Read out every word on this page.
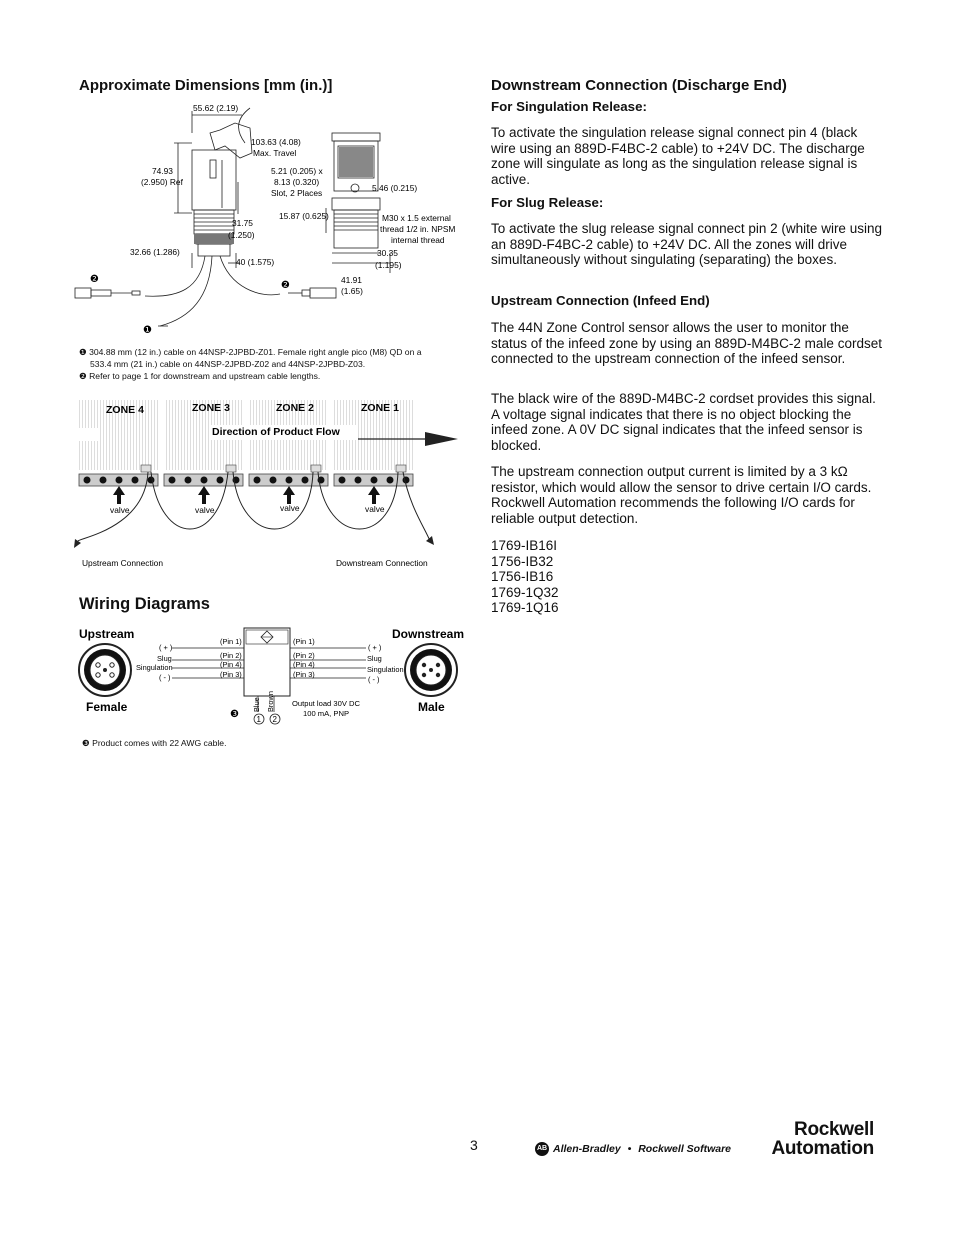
Approximate Dimensions [mm (in.)]
55.62 (2.19)
103.63 (4.08)
Max. Travel
74.93
(2.950) Ref
5.21 (0.205) x
8.13 (0.320)
Slot, 2 Places	5.46 (0.215)
15.87 (0.625)	M30 x 1.5 external
thread 1/2 in. NPSM
internal thread
31.75
(1.250)
32.66 (1.286)
40 (1.575)
30.35
(1.195)
41.91
(1.65)
❷
❷
❶
❶ 304.88 mm (12 in.) cable on 44NSP-2JPBD-Z01. Female right angle pico (M8) QD on a
533.4 mm (21 in.) cable on 44NSP-2JPBD-Z02 and 44NSP-2JPBD-Z03.
❷ Refer to page 1 for downstream and upstream cable lengths.
ZONE 4	ZONE 3	ZONE 2	ZONE 1
Direction of Product Flow
valve	valve	valve	valve
Upstream Connection	Downstream Connection
Wiring Diagrams
Upstream	Downstream
Female	Male
(Pin 1)
(Pin 2)
(Pin 4)
(Pin 3)
(Pin 1)
(Pin 2)
(Pin 4)
(Pin 3)
( + )
Slug
Singulation
( - )
( + )
Slug
Singulation
( - )
Blue Brown
1 2
❸
Output load 30V DC
100 mA, PNP
❸ Product comes with 22 AWG cable.
Downstream Connection (Discharge End)
For Singulation Release:
To activate the singulation release signal connect pin 4 (black wire using an 889D-F4BC-2 cable) to +24V DC. The discharge zone will singulate as long as the singulation release signal is active.
For Slug Release:
To activate the slug release signal connect pin 2 (white wire using an 889D-F4BC-2 cable) to +24V DC. All the zones will drive simultaneously without singulating (separating) the boxes.
Upstream Connection (Infeed End)
The 44N Zone Control sensor allows the user to monitor the status of the infeed zone by using an 889D-M4BC-2 male cordset connected to the upstream connection of the infeed sensor.
The black wire of the 889D-M4BC-2 cordset provides this signal. A voltage signal indicates that there is no object blocking the infeed zone. A 0V DC signal indicates that the infeed sensor is blocked.
The upstream connection output current is limited by a 3 kΩ resistor, which would allow the sensor to drive certain I/O cards. Rockwell Automation recommends the following I/O cards for reliable output detection.
1769-IB16I
1756-IB32
1756-IB16
1769-1Q32
1769-1Q16
3	AB Allen-Bradley • Rockwell Software
Rockwell
Automation
